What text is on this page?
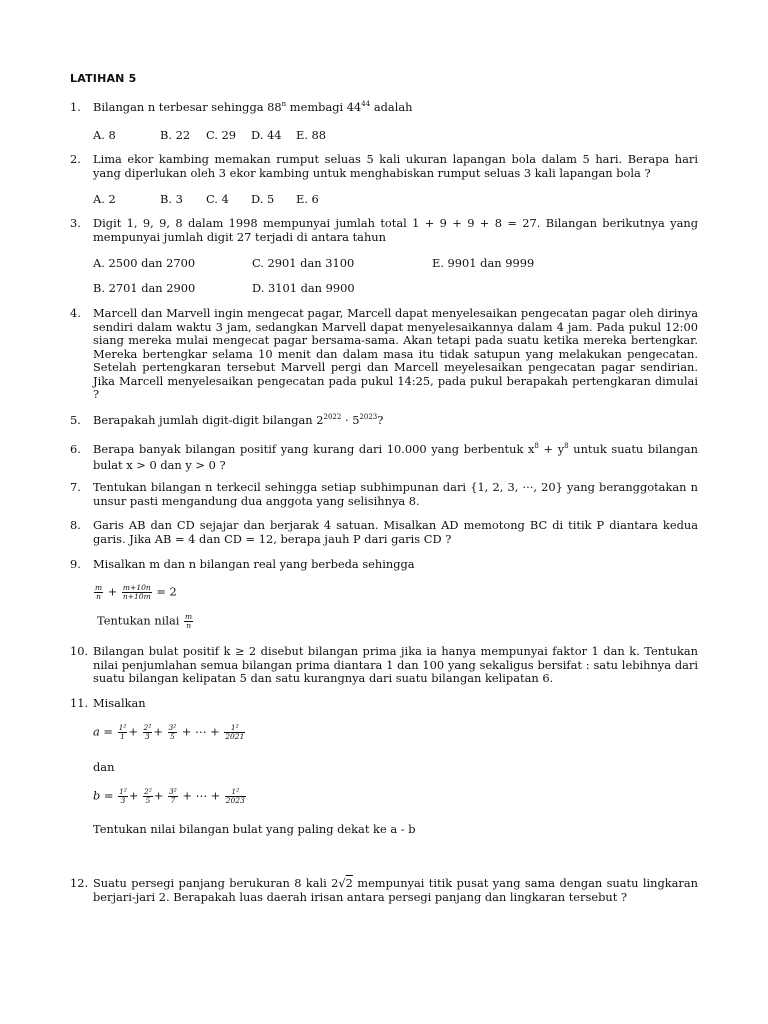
LATIHAN 5
1.	Bilangan n terbesar sehingga 88$^n$ membagi $44^{44}$ adalah
A. 8	B. 22 C. 29 D. 44 E. 88
2.	Lima ekor kambing memakan rumput seluas 5 kali ukuran lapangan bola dalam 5 hari. Berapa hari yang diperlukan oleh 3 ekor kambing untuk menghabiskan rumput seluas 3 kali lapangan bola ?
A. 2	B. 3 C. 4 D. 5 E. 6
3.	Digit 1, 9, 9, 8 dalam 1998 mempunyai jumlah total 1 + 9 + 9 + 8 = 27. Bilangan berikutnya yang mempunyai jumlah digit 27 terjadi di antara tahun
A. 2500 dan 2700	C. 2901 dan 3100	E. 9901 dan 9999
B. 2701 dan 2900	D. 3101 dan 9900
4.	Marcell dan Marvell ingin mengecat pagar, Marcell dapat menyelesaikan pengecatan pagar oleh dirinya sendiri dalam waktu 3 jam, sedangkan Marvell dapat menyelesaikannya dalam 4 jam. Pada pukul 12:00 siang mereka mulai mengecat pagar bersama-sama. Akan tetapi pada suatu ketika mereka bertengkar. Mereka bertengkar selama 10 menit dan dalam masa itu tidak satupun yang melakukan pengecatan. Setelah pertengkaran tersebut Marvell pergi dan Marcell meyelesaikan pengecatan pagar sendirian. Jika Marcell menyelesaikan pengecatan pada pukul 14:25, pada pukul berapakah pertengkaran dimulai ?
5.	Berapakah jumlah digit-digit bilangan $2^{2022} \cdot 5^{2023}$?
6.	Berapa banyak bilangan positif yang kurang dari 10.000 yang berbentuk $x^8 + y^8$ untuk suatu bilangan bulat x > 0 dan y > 0 ?
7.	Tentukan bilangan n terkecil sehingga setiap subhimpunan dari {1, 2, 3, ···, 20} yang beranggotakan n unsur pasti mengandung dua anggota yang selisihnya 8.
8.	Garis AB dan CD sejajar dan berjarak 4 satuan. Misalkan AD memotong BC di titik P diantara kedua garis. Jika AB = 4 dan CD = 12, berapa jauh P dari garis CD ?
9.	Misalkan m dan n bilangan real yang berbeda sehingga
$\frac{m}{n} + \frac{m+10n}{n+10m} = 2$
Tentukan nilai $\frac{m}{n}$
10. Bilangan bulat positif k ≥ 2 disebut bilangan prima jika ia hanya mempunyai faktor 1 dan k. Tentukan nilai penjumlahan semua bilangan prima diantara 1 dan 100 yang sekaligus bersifat : satu lebihnya dari suatu bilangan kelipatan 5 dan satu kurangnya dari suatu bilangan kelipatan 6.
11. Misalkan
$a = \frac{\text{1²}}{1} + \frac{\text{2²}}{3} + \frac{\text{3²}}{5}$ + ⋯ + $\frac{\text{1²}}{2021}$
dan
$b = \frac{\text{1²}}{3} + \frac{\text{2²}}{5} + \frac{\text{3²}}{7}$ + ⋯ + $\frac{\text{1²}}{2023}$
Tentukan nilai bilangan bulat yang paling dekat ke a - b
12. Suatu persegi panjang berukuran 8 kali 2√2 mempunyai titik pusat yang sama dengan suatu lingkaran berjari-jari 2. Berapakah luas daerah irisan antara persegi panjang dan lingkaran tersebut ?
